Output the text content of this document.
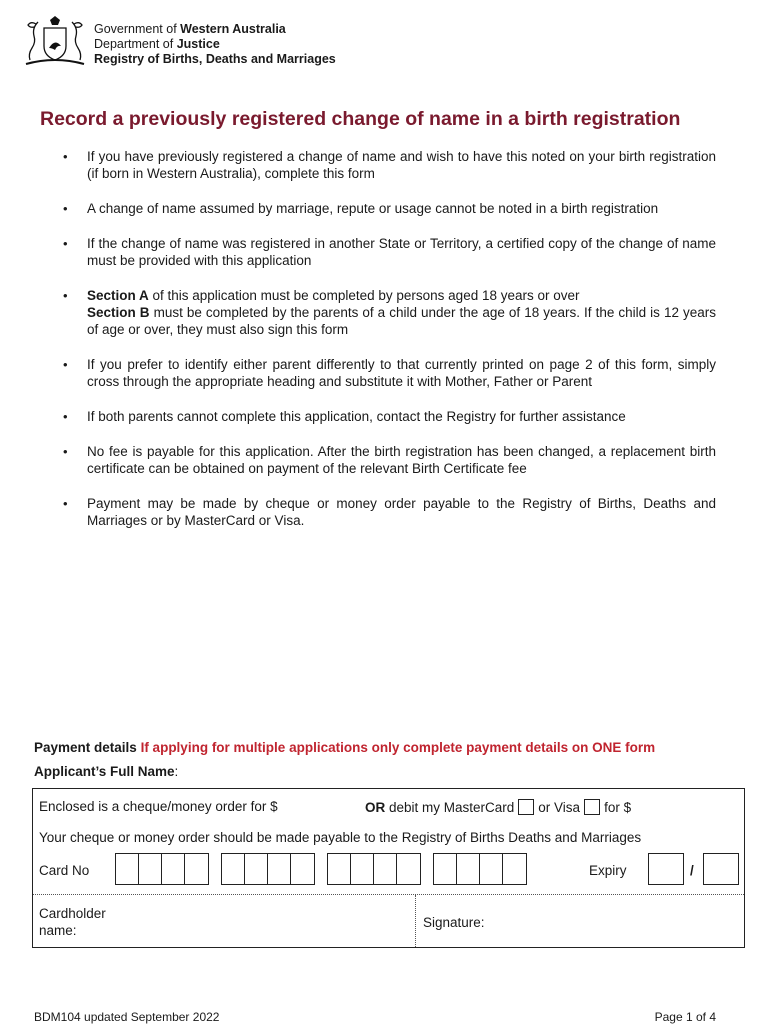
Government of Western Australia
Department of Justice
Registry of Births, Deaths and Marriages
Record a previously registered change of name in a birth registration
• If you have previously registered a change of name and wish to have this noted on your birth registration (if born in Western Australia), complete this form
• A change of name assumed by marriage, repute or usage cannot be noted in a birth registration
• If the change of name was registered in another State or Territory, a certified copy of the change of name must be provided with this application
• Section A of this application must be completed by persons aged 18 years or over
Section B must be completed by the parents of a child under the age of 18 years. If the child is 12 years of age or over, they must also sign this form
• If you prefer to identify either parent differently to that currently printed on page 2 of this form, simply cross through the appropriate heading and substitute it with Mother, Father or Parent
• If both parents cannot complete this application, contact the Registry for further assistance
• No fee is payable for this application. After the birth registration has been changed, a replacement birth certificate can be obtained on payment of the relevant Birth Certificate fee
• Payment may be made by cheque or money order payable to the Registry of Births, Deaths and Marriages or by MasterCard or Visa.
Payment details If applying for multiple applications only complete payment details on ONE form
Applicant’s Full Name:
Enclosed is a cheque/money order for $	OR debit my MasterCard or Visa for $
Your cheque or money order should be made payable to the Registry of Births Deaths and Marriages
Card No	Expiry	/
Cardholder name:
Signature:
BDM104 updated September 2022	Page 1 of 4
